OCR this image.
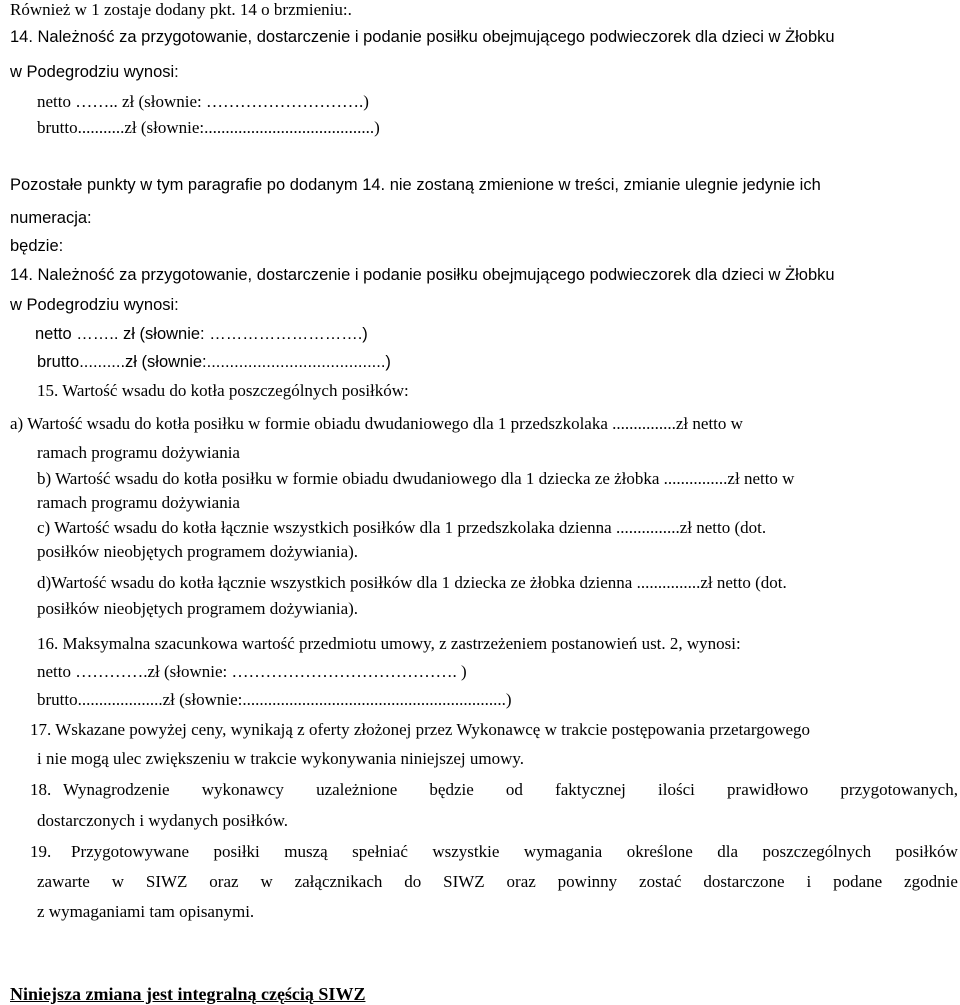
Również w 1 zostaje dodany pkt. 14 o brzmieniu:.
14. Należność za przygotowanie, dostarczenie i podanie posiłku obejmującego podwieczorek dla dzieci w Żłobku
w Podegrodziu wynosi:
netto …….. zł (słownie: ……………………….)
brutto...........zł (słownie:........................................)
Pozostałe punkty w tym paragrafie po dodanym 14. nie zostaną zmienione w treści, zmianie ulegnie jedynie ich
numeracja:
będzie:
14. Należność za przygotowanie, dostarczenie i podanie posiłku obejmującego podwieczorek dla dzieci w Żłobku
w Podegrodziu wynosi:
netto …….. zł (słownie: ……………………….)
brutto..........zł (słownie:.......................................)
15. Wartość wsadu do kotła poszczególnych posiłków:
a) Wartość wsadu do kotła posiłku w formie obiadu dwudaniowego dla 1 przedszkolaka ...............zł netto w
ramach programu dożywiania
b) Wartość wsadu do kotła posiłku w formie obiadu dwudaniowego dla 1 dziecka ze żłobka ...............zł netto w
ramach programu dożywiania
c) Wartość wsadu do kotła łącznie wszystkich posiłków dla 1 przedszkolaka dzienna ...............zł netto (dot.
posiłków nieobjętych programem dożywiania).
d)Wartość wsadu do kotła łącznie wszystkich posiłków dla 1 dziecka ze żłobka dzienna ...............zł netto (dot.
posiłków nieobjętych programem dożywiania).
16. Maksymalna szacunkowa wartość przedmiotu umowy, z zastrzeżeniem postanowień ust. 2, wynosi:
netto ………….zł (słownie: …………………………………. )
brutto....................zł (słownie:..............................................................)
17. Wskazane powyżej ceny, wynikają z oferty złożonej przez Wykonawcę w trakcie postępowania przetargowego
i nie mogą ulec zwiększeniu w trakcie wykonywania niniejszej umowy.
18. Wynagrodzenie wykonawcy uzależnione będzie od faktycznej ilości prawidłowo przygotowanych,
dostarczonych i wydanych posiłków.
19. Przygotowywane posiłki muszą spełniać wszystkie wymagania określone dla poszczególnych posiłków
zawarte w SIWZ oraz w załącznikach do SIWZ oraz powinny zostać dostarczone i podane zgodnie
z wymaganiami tam opisanymi.
Niniejsza zmiana jest integralną częścią SIWZ
